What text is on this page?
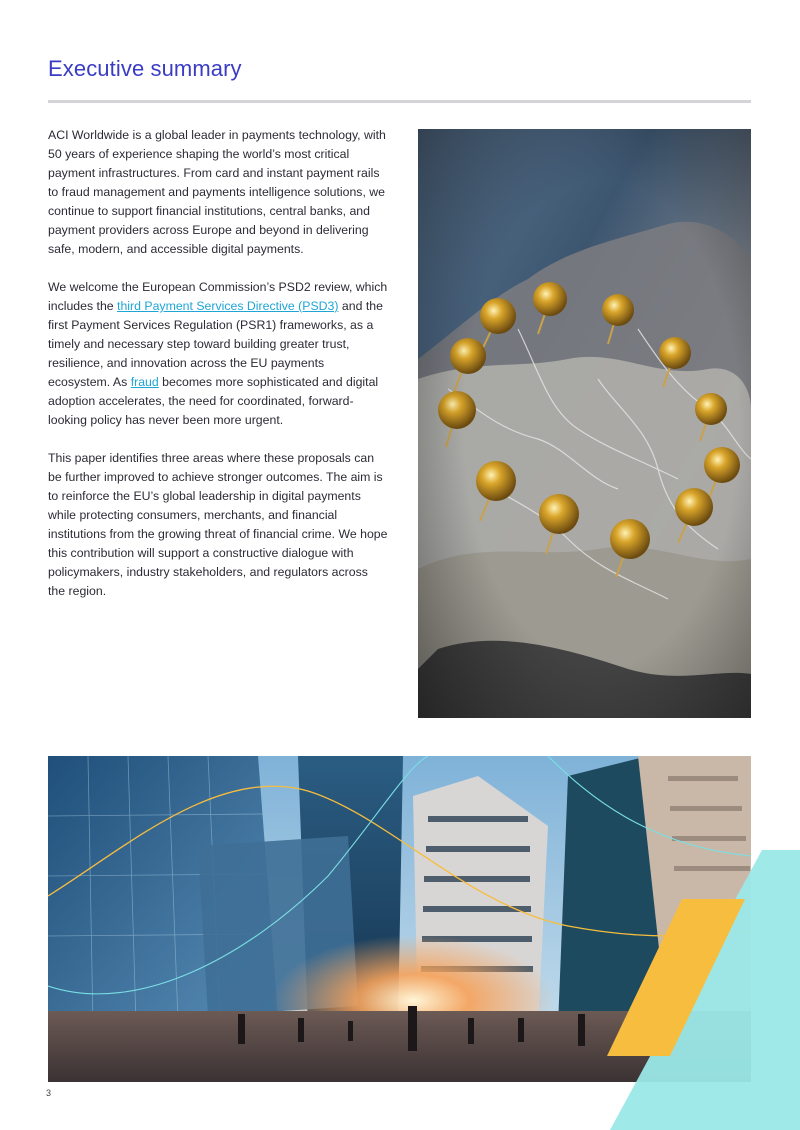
Executive summary

ACI Worldwide is a global leader in payments technology, with 50 years of experience shaping the world’s most critical payment infrastructures. From card and instant payment rails to fraud management and payments intelligence solutions, we continue to support financial institutions, central banks, and payment providers across Europe and beyond in delivering safe, modern, and accessible digital payments.

We welcome the European Commission’s PSD2 review, which includes the third Payment Services Directive (PSD3) and the first Payment Services Regulation (PSR1) frameworks, as a timely and necessary step toward building greater trust, resilience, and innovation across the EU payments ecosystem. As fraud becomes more sophisticated and digital adoption accelerates, the need for coordinated, forward-looking policy has never been more urgent.

This paper identifies three areas where these proposals can be further improved to achieve stronger outcomes. The aim is to reinforce the EU’s global leadership in digital payments while protecting consumers, merchants, and financial institutions from the growing threat of financial crime. We hope this contribution will support a constructive dialogue with policymakers, industry stakeholders, and regulators across the region.

3
